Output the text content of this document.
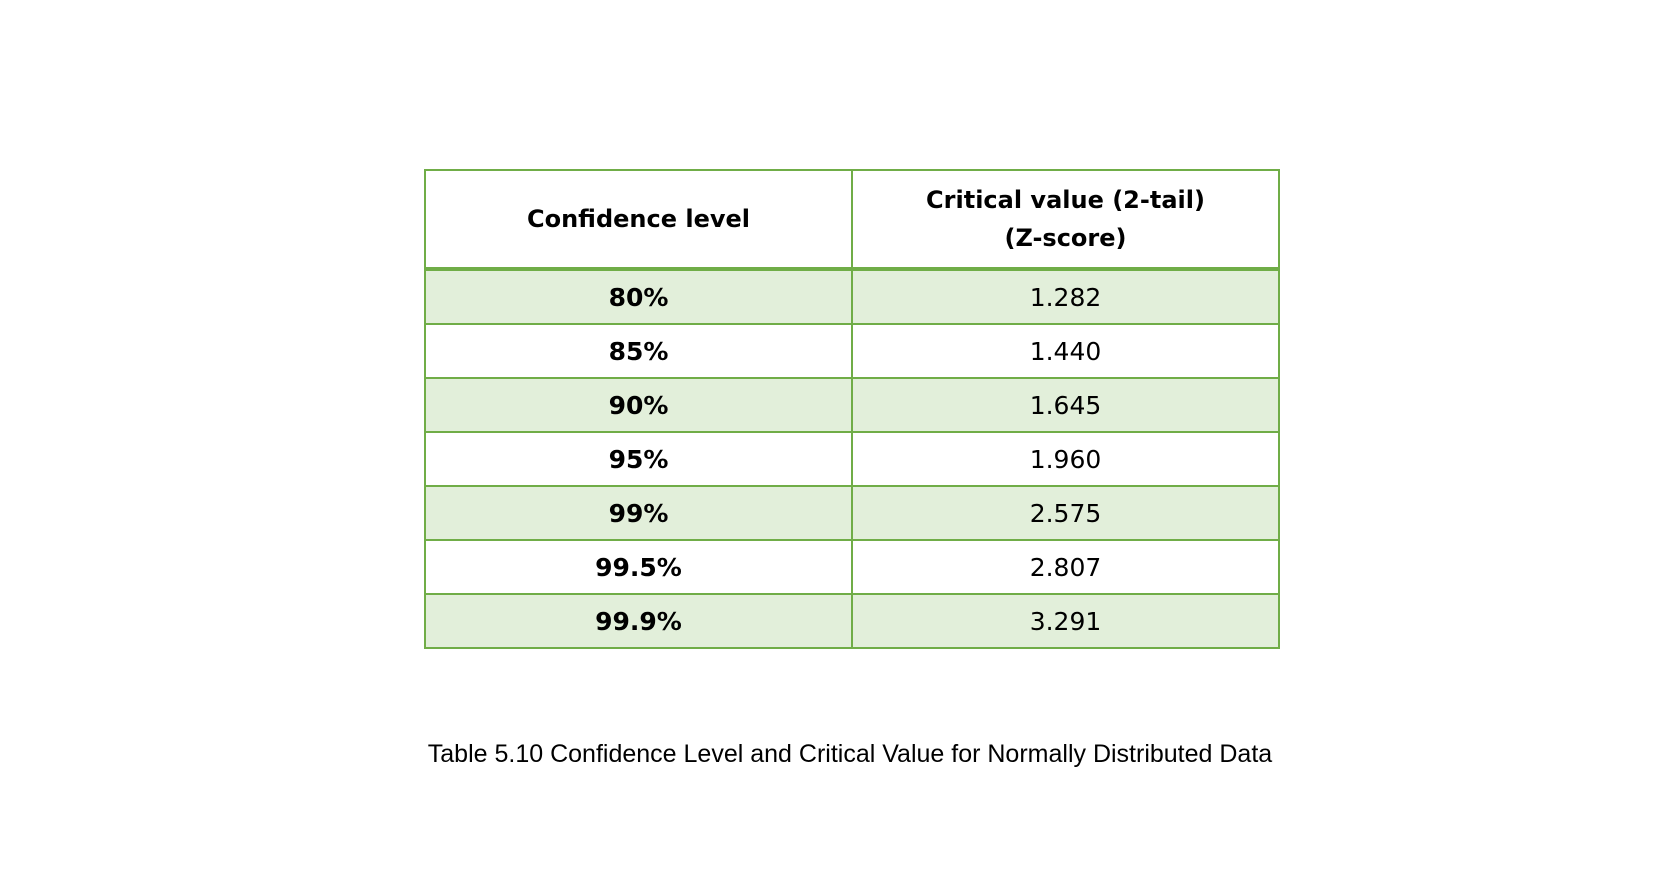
Confidence level	Critical value (2-tail)
(Z-score)

80%	1.282
85%	1.440
90%	1.645
95%	1.960
99%	2.575
99.5%	2.807
99.9%	3.291
Table 5.10 Confidence Level and Critical Value for Normally Distributed Data
